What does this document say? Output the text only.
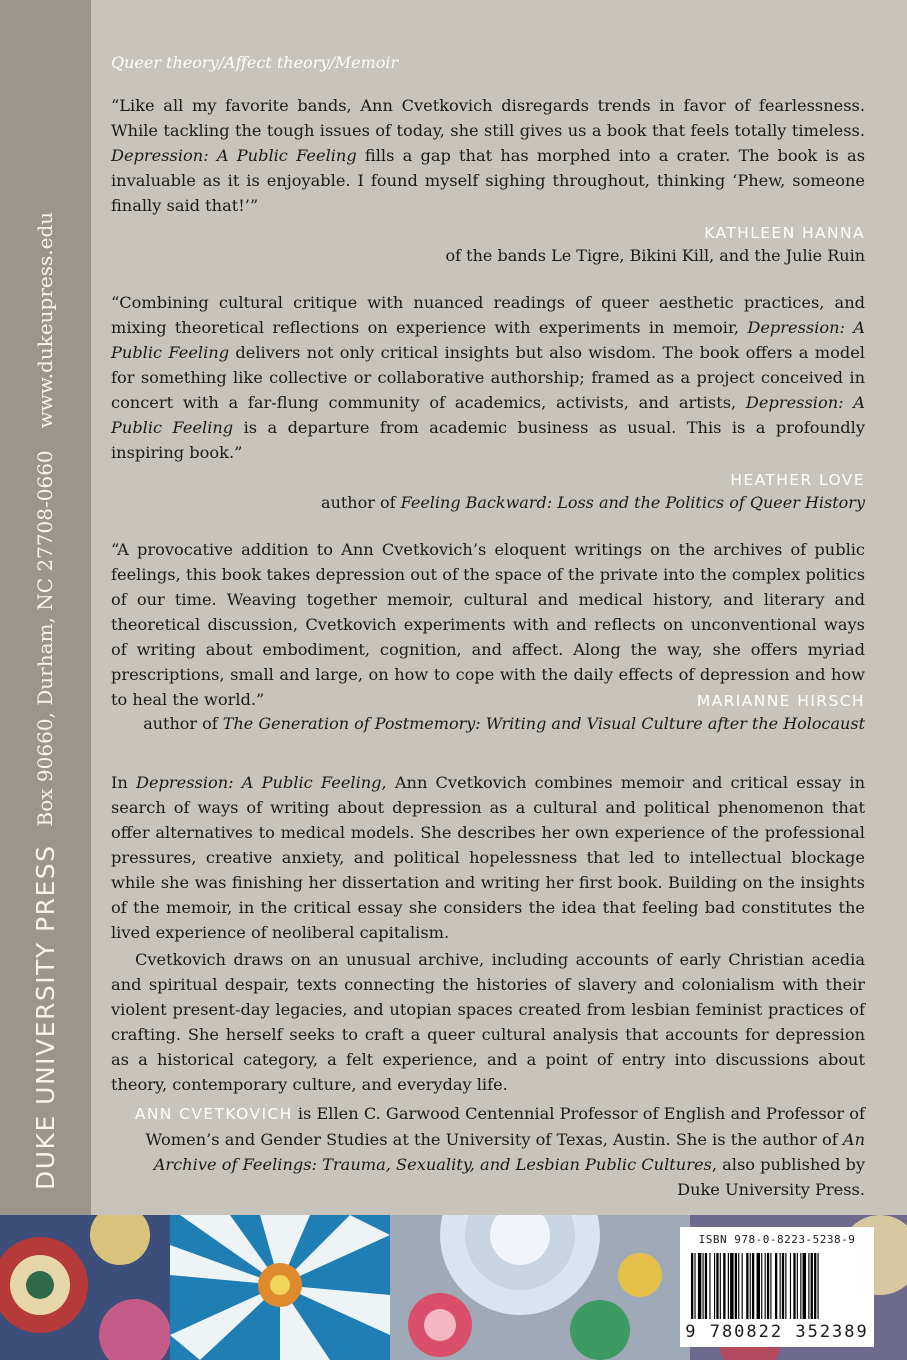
DUKE UNIVERSITY PRESS
Box 90660, Durham, NC 27708-0660
www.dukeupress.edu
Queer theory/Affect theory/Memoir

“Like all my favorite bands, Ann Cvetkovich disregards trends in favor of fearlessness. While tackling the tough issues of today, she still gives us a book that feels totally timeless. Depression: A Public Feeling fills a gap that has morphed into a crater. The book is as invaluable as it is enjoyable. I found myself sighing throughout, thinking ‘Phew, someone finally said that!’”

KATHLEEN HANNA
of the bands Le Tigre, Bikini Kill, and the Julie Ruin

“Combining cultural critique with nuanced readings of queer aesthetic practices, and mixing theoretical reflections on experience with experiments in memoir, Depression: A Public Feeling delivers not only critical insights but also wisdom. The book offers a model for something like collective or collaborative authorship; framed as a project conceived in concert with a far-flung community of academics, activists, and artists, Depression: A Public Feeling is a departure from academic business as usual. This is a profoundly inspiring book.”

HEATHER LOVE
author of Feeling Backward: Loss and the Politics of Queer History

“A provocative addition to Ann Cvetkovich’s eloquent writings on the archives of public feelings, this book takes depression out of the space of the private into the complex politics of our time. Weaving together memoir, cultural and medical history, and literary and theoretical discussion, Cvetkovich experiments with and reflects on unconventional ways of writing about embodiment, cognition, and affect. Along the way, she offers myriad prescriptions, small and large, on how to cope with the daily effects of depression and how to heal the world.”	MARIANNE HIRSCH
author of The Generation of Postmemory: Writing and Visual Culture after the Holocaust

In Depression: A Public Feeling, Ann Cvetkovich combines memoir and critical essay in search of ways of writing about depression as a cultural and political phenomenon that offer alternatives to medical models. She describes her own experience of the professional pressures, creative anxiety, and political hopelessness that led to intellectual blockage while she was finishing her dissertation and writing her first book. Building on the insights of the memoir, in the critical essay she considers the idea that feeling bad constitutes the lived experience of neoliberal capitalism.

Cvetkovich draws on an unusual archive, including accounts of early Christian acedia and spiritual despair, texts connecting the histories of slavery and colonialism with their violent present-day legacies, and utopian spaces created from lesbian feminist practices of crafting. She herself seeks to craft a queer cultural analysis that accounts for depression as a historical category, a felt experience, and a point of entry into discussions about theory, contemporary culture, and everyday life.

ANN CVETKOVICH is Ellen C. Garwood Centennial Professor of English and Professor of Women’s and Gender Studies at the University of Texas, Austin. She is the author of An Archive of Feelings: Trauma, Sexuality, and Lesbian Public Cultures, also published by Duke University Press.
ISBN 978-0-8223-5238-9
9 780822 352389
